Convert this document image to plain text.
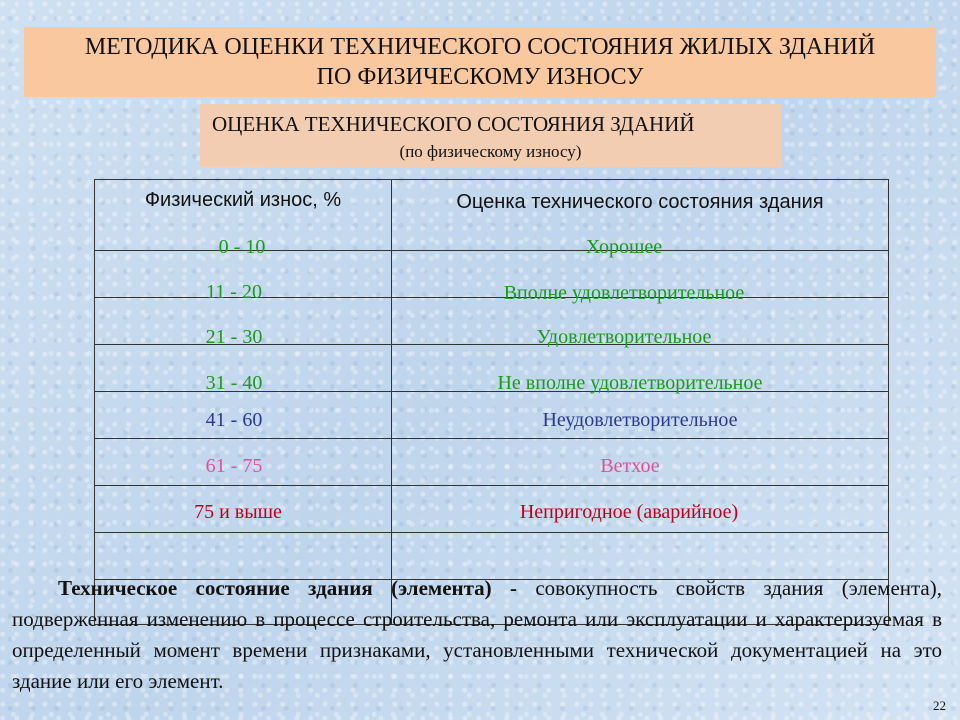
МЕТОДИКА ОЦЕНКИ ТЕХНИЧЕСКОГО СОСТОЯНИЯ ЖИЛЫХ ЗДАНИЙ
ПО ФИЗИЧЕСКОМУ ИЗНОСУ
ОЦЕНКА ТЕХНИЧЕСКОГО СОСТОЯНИЯ ЗДАНИЙ
(по физическому износу)
Физический износ, %	Оценка технического состояния здания

0 - 10	Хорошее
11 - 20	Вполне удовлетворительное
21 - 30	Удовлетворительное
31 - 40	Не вполне удовлетворительное
41 - 60	Неудовлетворительное
61 - 75	Ветхое
75 и выше	Непригодное (аварийное)
Техническое состояние здания (элемента) - совокупность свойств здания (элемента), подверженная изменению в процессе строительства, ремонта или эксплуатации и характеризуемая в определенный момент времени признаками, установленными технической документацией на это здание или его элемент.
22
